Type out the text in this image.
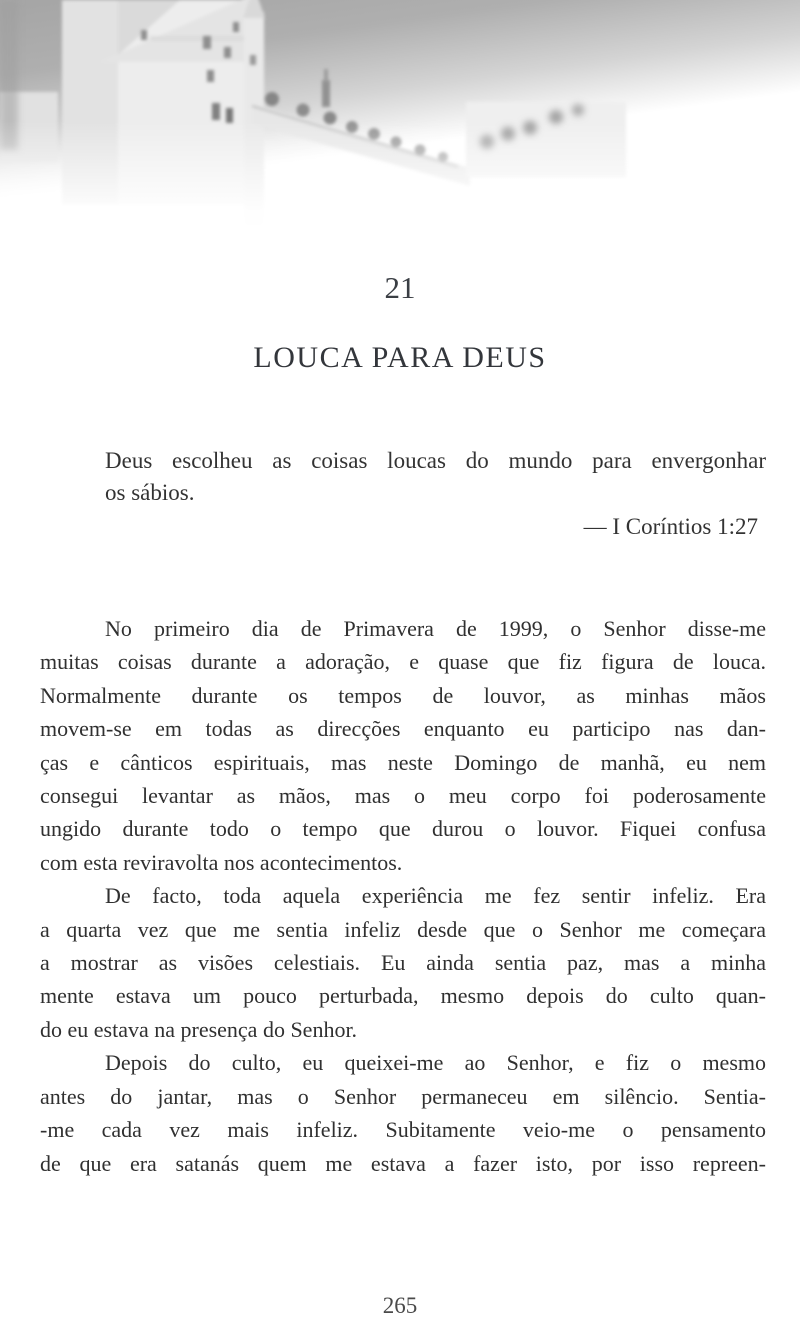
21
LOUCA PARA DEUS
Deus escolheu as coisas loucas do mundo para envergonhar
os sábios.
— I Coríntios 1:27
No primeiro dia de Primavera de 1999, o Senhor disse-me
muitas coisas durante a adoração, e quase que fiz figura de louca.
Normalmente durante os tempos de louvor, as minhas mãos
movem-se em todas as direcções enquanto eu participo nas dan-
ças e cânticos espirituais, mas neste Domingo de manhã, eu nem
consegui levantar as mãos, mas o meu corpo foi poderosamente
ungido durante todo o tempo que durou o louvor. Fiquei confusa
com esta reviravolta nos acontecimentos.
De facto, toda aquela experiência me fez sentir infeliz. Era
a quarta vez que me sentia infeliz desde que o Senhor me começara
a mostrar as visões celestiais. Eu ainda sentia paz, mas a minha
mente estava um pouco perturbada, mesmo depois do culto quan-
do eu estava na presença do Senhor.
Depois do culto, eu queixei-me ao Senhor, e fiz o mesmo
antes do jantar, mas o Senhor permaneceu em silêncio. Sentia-
-me cada vez mais infeliz. Subitamente veio-me o pensamento
de que era satanás quem me estava a fazer isto, por isso repreen-
265
